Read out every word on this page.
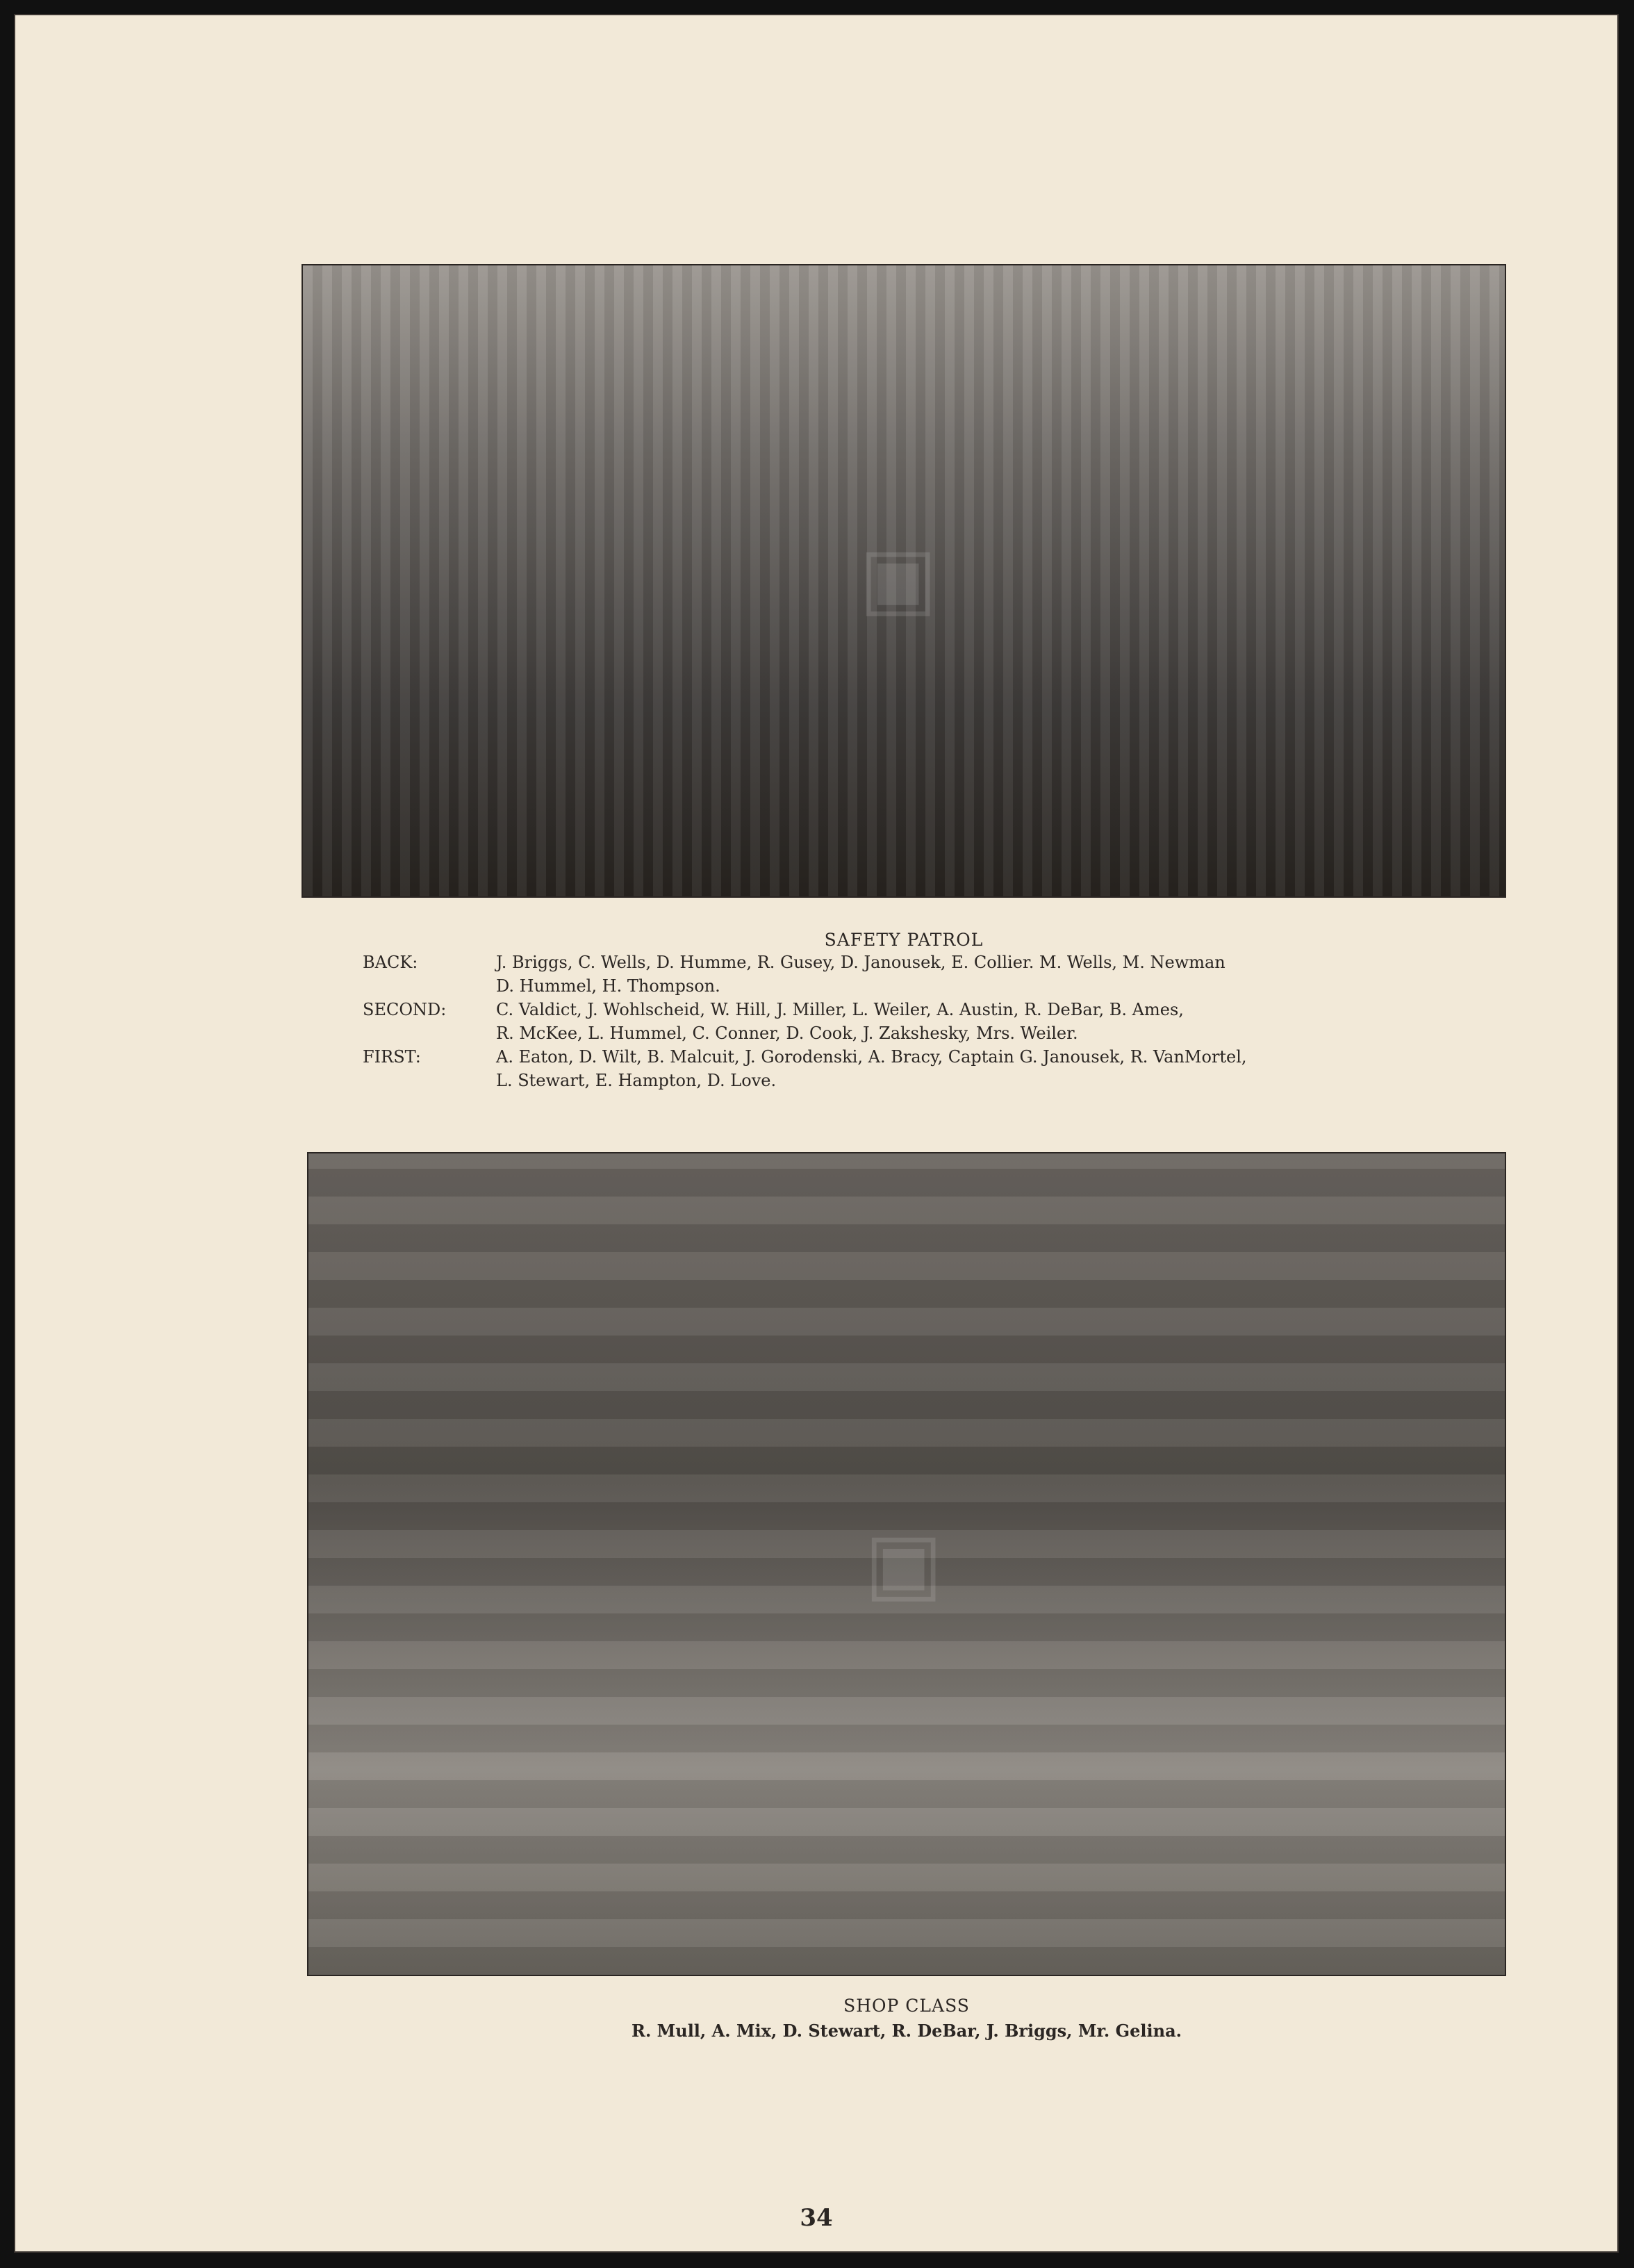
▣
SAFETY PATROL
BACK:	J. Briggs, C. Wells, D. Humme, R. Gusey, D. Janousek, E. Collier. M. Wells, M. Newman
D. Hummel, H. Thompson.
SECOND:	C. Valdict, J. Wohlscheid, W. Hill, J. Miller, L. Weiler, A. Austin, R. DeBar, B. Ames,
R. McKee, L. Hummel, C. Conner, D. Cook, J. Zakshesky, Mrs. Weiler.
FIRST:	A. Eaton, D. Wilt, B. Malcuit, J. Gorodenski, A. Bracy, Captain G. Janousek, R. VanMortel,
L. Stewart, E. Hampton, D. Love.
▣
SHOP CLASS
R. Mull, A. Mix, D. Stewart, R. DeBar, J. Briggs, Mr. Gelina.
34
